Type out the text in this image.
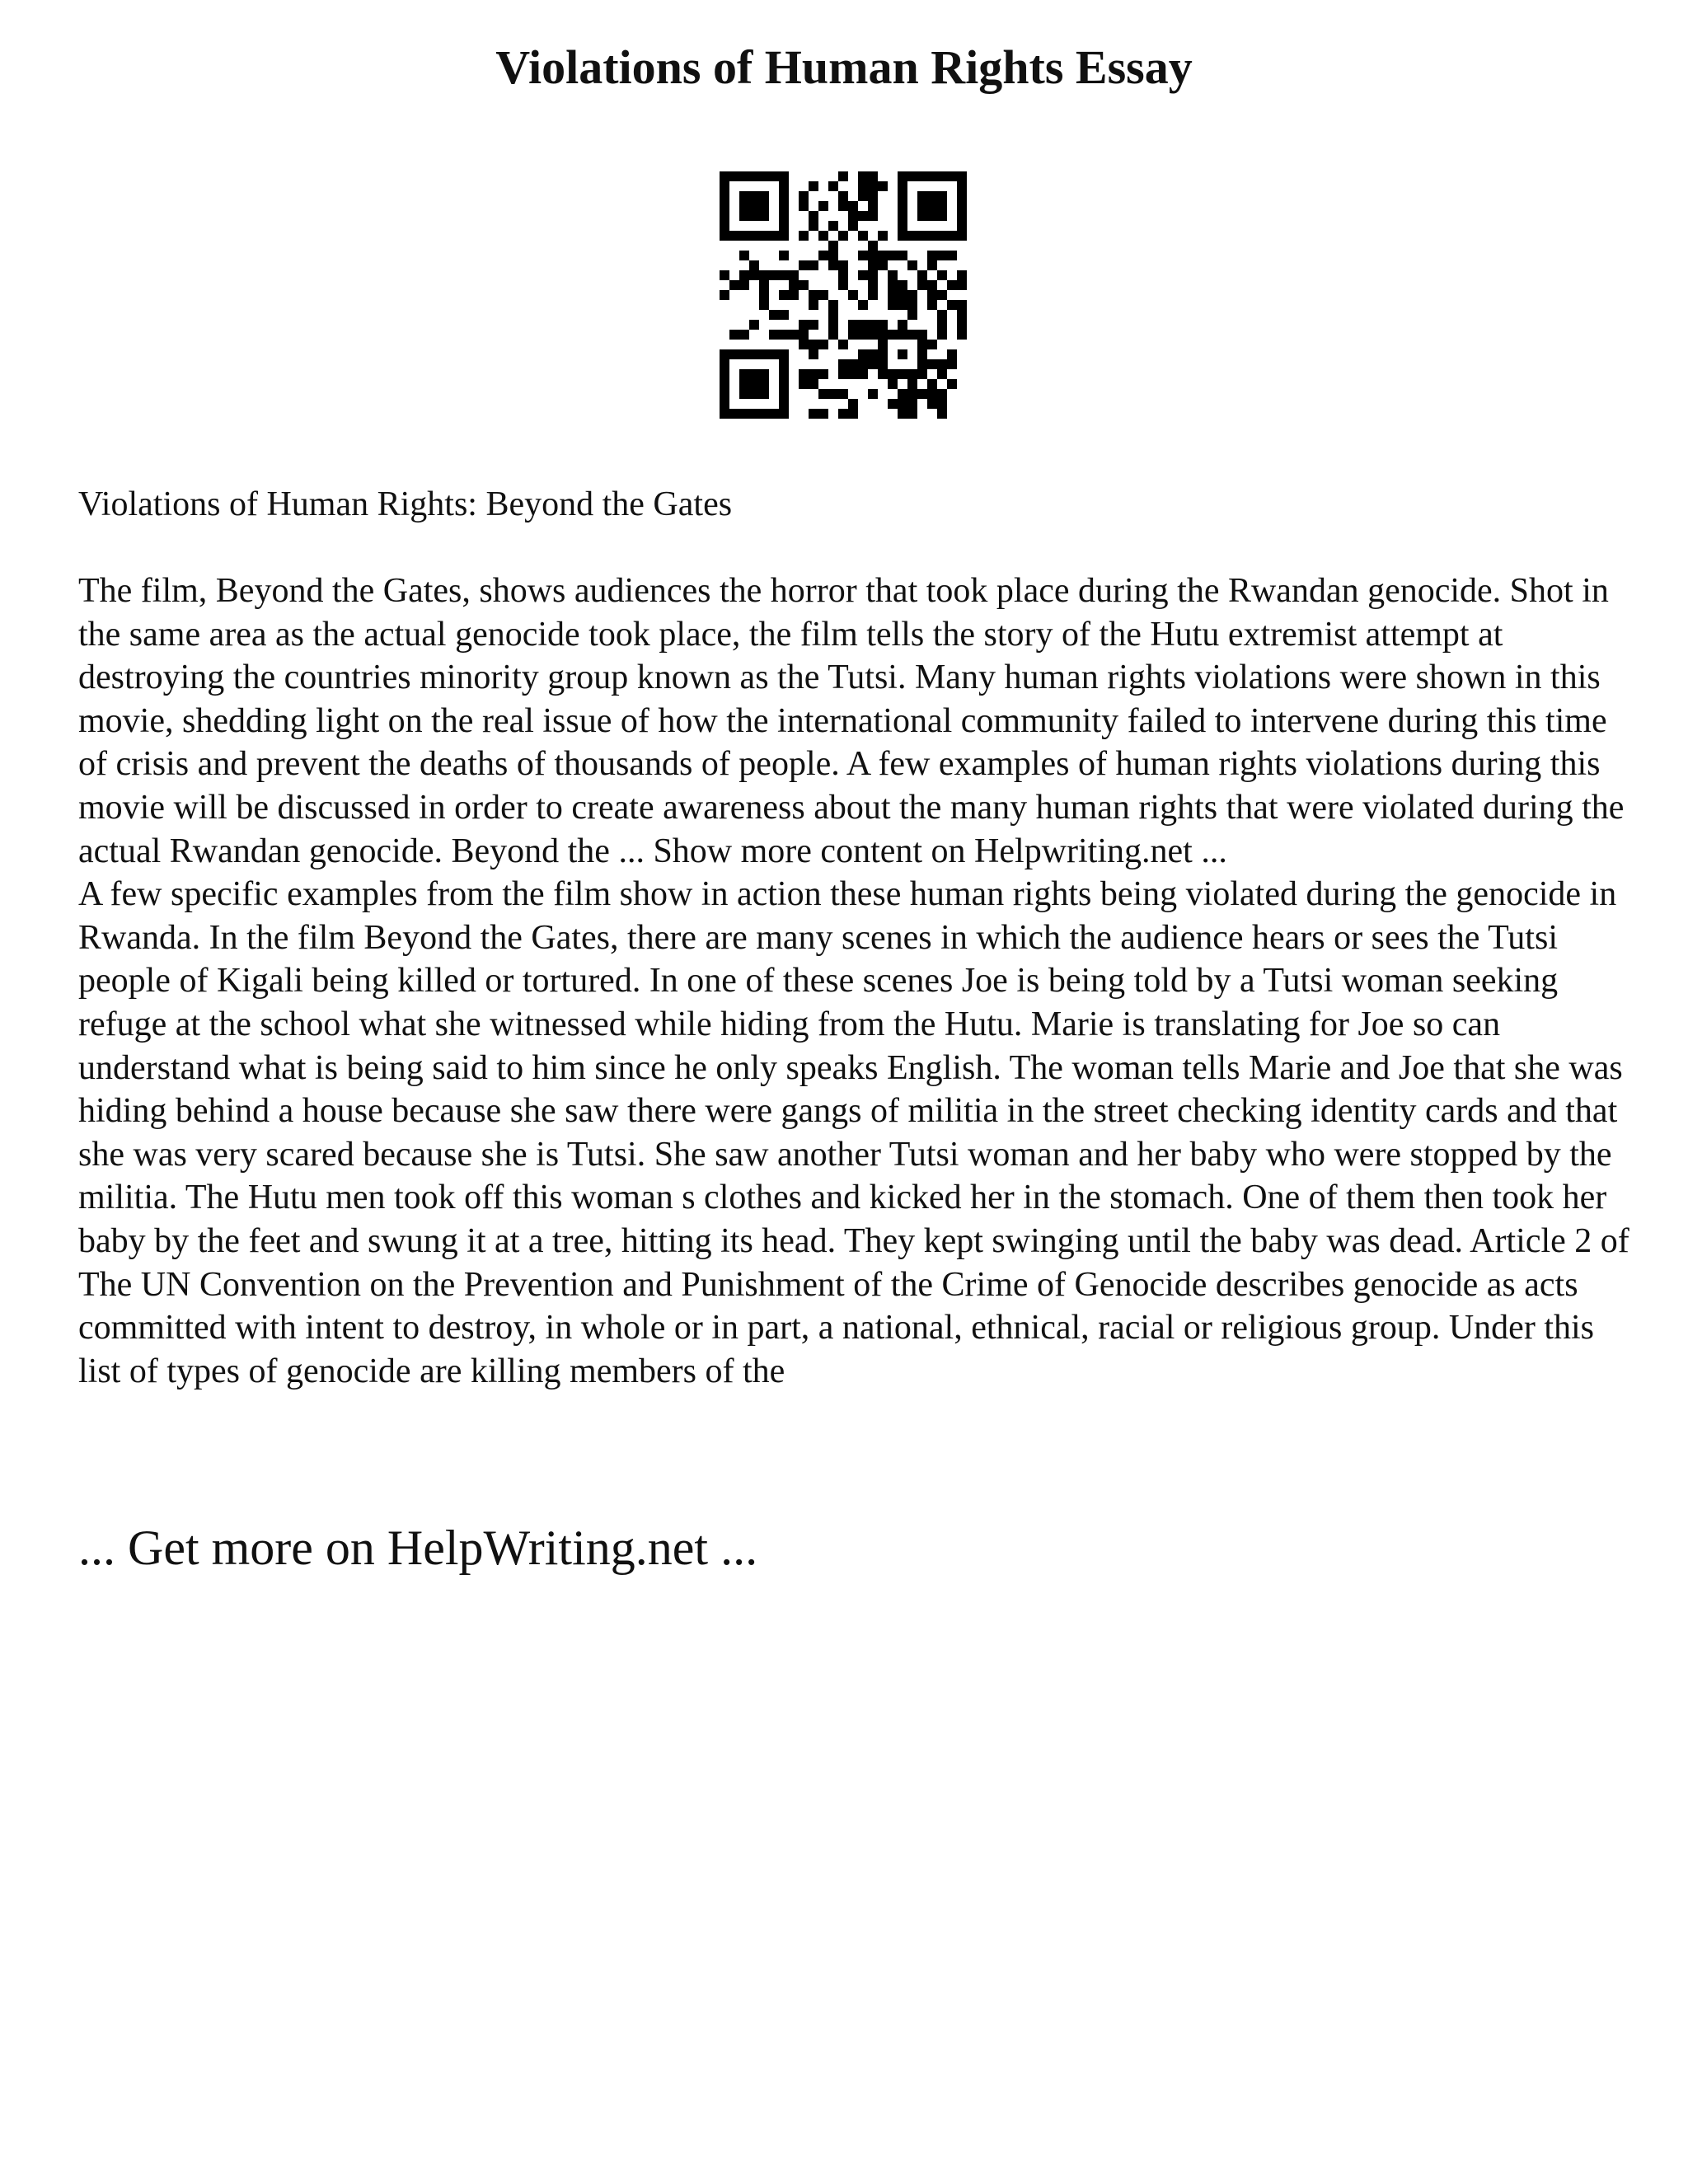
Violations of Human Rights Essay
Violations of Human Rights: Beyond the Gates

The film, Beyond the Gates, shows audiences the horror that took place during the Rwandan genocide. Shot in the same area as the actual genocide took place, the film tells the story of the Hutu extremist attempt at destroying the countries minority group known as the Tutsi. Many human rights violations were shown in this movie, shedding light on the real issue of how the international community failed to intervene during this time of crisis and prevent the deaths of thousands of people. A few examples of human rights violations during this movie will be discussed in order to create awareness about the many human rights that were violated during the actual Rwandan genocide. Beyond the ... Show more content on Helpwriting.net ...

A few specific examples from the film show in action these human rights being violated during the genocide in Rwanda. In the film Beyond the Gates, there are many scenes in which the audience hears or sees the Tutsi people of Kigali being killed or tortured. In one of these scenes Joe is being told by a Tutsi woman seeking refuge at the school what she witnessed while hiding from the Hutu. Marie is translating for Joe so can understand what is being said to him since he only speaks English. The woman tells Marie and Joe that she was hiding behind a house because she saw there were gangs of militia in the street checking identity cards and that she was very scared because she is Tutsi. She saw another Tutsi woman and her baby who were stopped by the militia. The Hutu men took off this woman s clothes and kicked her in the stomach. One of them then took her baby by the feet and swung it at a tree, hitting its head. They kept swinging until the baby was dead. Article 2 of The UN Convention on the Prevention and Punishment of the Crime of Genocide describes genocide as acts committed with intent to destroy, in whole or in part, a national, ethnical, racial or religious group. Under this list of types of genocide are killing members of the

... Get more on HelpWriting.net ...
